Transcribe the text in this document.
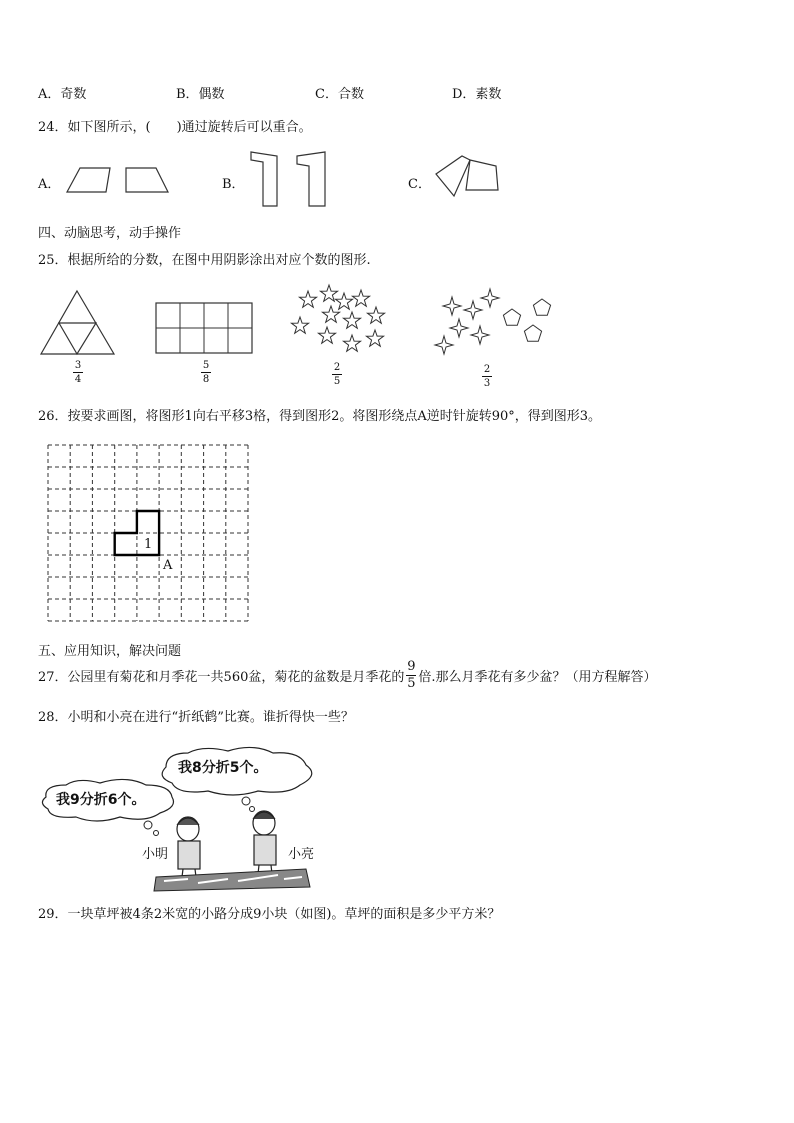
A．奇数	B．偶数	C．合数	D．素数
24．如下图所示，(　　)通过旋转后可以重合。
A．	B．	C．
四、动脑思考，动手操作
25．根据所给的分数，在图中用阴影涂出对应个数的图形.
3
4
5
8
2
5
2
3
26．按要求画图，将图形1向右平移3格，得到图形2。将图形绕点A逆时针旋转90°，得到图形3。
1
A
五、应用知识，解决问题
27．公园里有菊花和月季花一共560盆，菊花的盆数是月季花的
9
5 倍.那么月季花有多少盆？（用方程解答）
28．小明和小亮在进行“折纸鹤”比赛。谁折得快一些？
我8分折5个。
我9分折6个。
小明	小亮
29．一块草坪被4条2米宽的小路分成9小块（如图)。草坪的面积是多少平方米？
